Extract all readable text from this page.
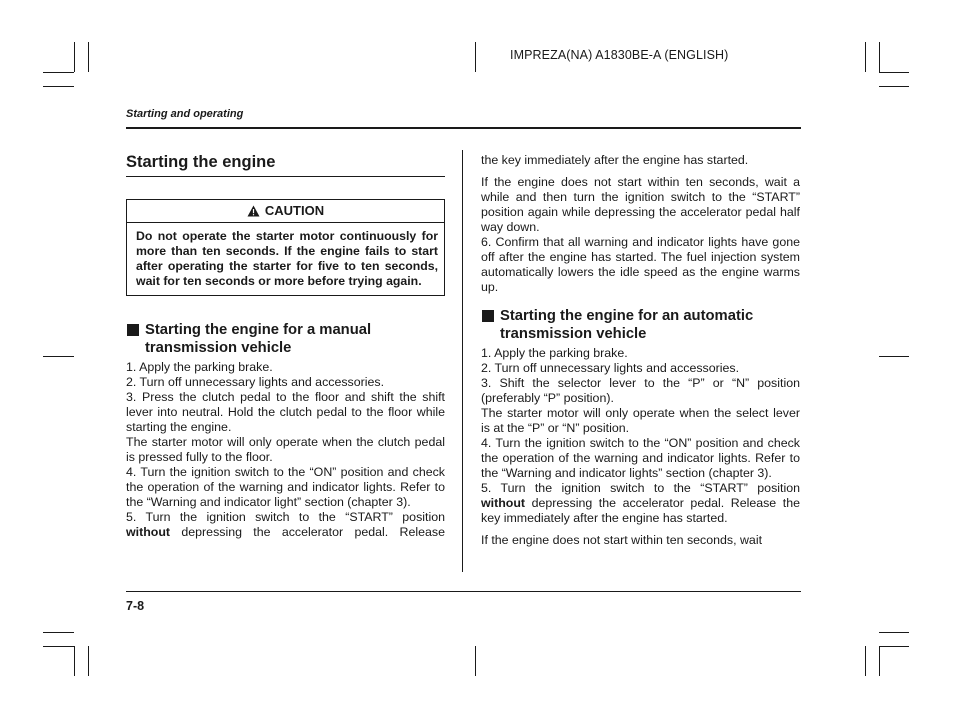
IMPREZA(NA) A1830BE-A (ENGLISH)
Starting and operating
Starting the engine
CAUTION
Do not operate the starter motor continuously for more than ten seconds. If the engine fails to start after operating the starter for five to ten seconds, wait for ten seconds or more before trying again.
Starting the engine for a manual transmission vehicle

1. Apply the parking brake.

2. Turn off unnecessary lights and accessories.

3. Press the clutch pedal to the floor and shift the shift lever into neutral. Hold the clutch pedal to the floor while starting the engine.

The starter motor will only operate when the clutch pedal is pressed fully to the floor.

4. Turn the ignition switch to the “ON” position and check the operation of the warning and indicator lights. Refer to the “Warning and indicator light” section (chapter 3).

5. Turn the ignition switch to the “START” position without depressing the accelerator pedal. Release

the key immediately after the engine has started.

If the engine does not start within ten seconds, wait a while and then turn the ignition switch to the “START” position again while depressing the accelerator pedal half way down.

6. Confirm that all warning and indicator lights have gone off after the engine has started. The fuel injection system automatically lowers the idle speed as the engine warms up.

Starting the engine for an automatic transmission vehicle

1. Apply the parking brake.

2. Turn off unnecessary lights and accessories.

3. Shift the selector lever to the “P” or “N” position (preferably “P” position).

The starter motor will only operate when the select lever is at the “P” or “N” position.

4. Turn the ignition switch to the “ON” position and check the operation of the warning and indicator lights. Refer to the “Warning and indicator lights” section (chapter 3).

5. Turn the ignition switch to the “START” position without depressing the accelerator pedal. Release the key immediately after the engine has started.

If the engine does not start within ten seconds, wait

7-8
